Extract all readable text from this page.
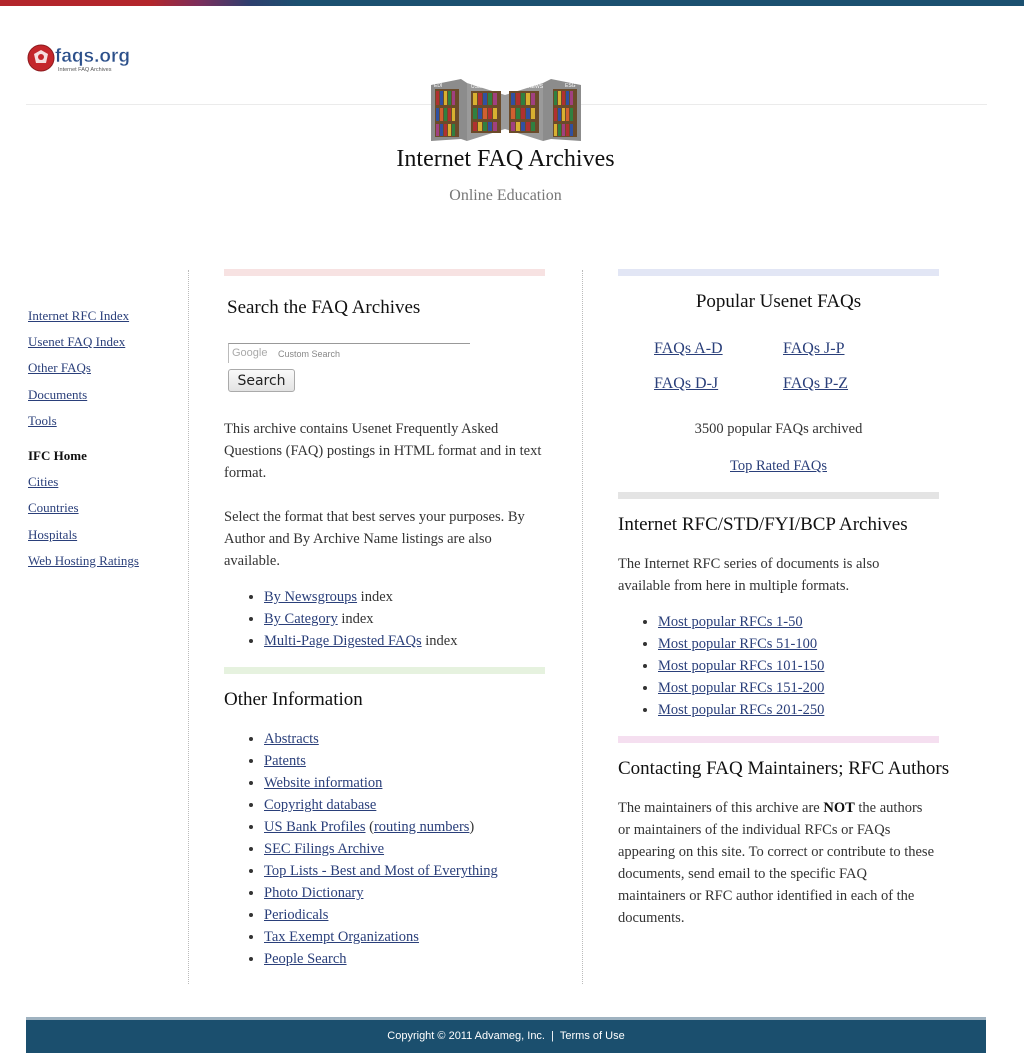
faqs.org
Internet FAQ Archives
EDI	USENET	GOVNEWS	ESG
Internet FAQ Archives
Online Education
Internet RFC Index
Usenet FAQ Index
Other FAQs
Documents
Tools
IFC Home
Cities
Countries
Hospitals
Web Hosting Ratings
Search the FAQ Archives
Google Custom Search
Search

This archive contains Usenet Frequently Asked Questions (FAQ) postings in HTML format and in text format.

Select the format that best serves your purposes. By Author and By Archive Name listings are also available.

• By Newsgroups index
• By Category index
• Multi-Page Digested FAQs index
Other Information
• Abstracts
• Patents
• Website information
• Copyright database
• US Bank Profiles (routing numbers)
• SEC Filings Archive
• Top Lists - Best and Most of Everything
• Photo Dictionary
• Periodicals
• Tax Exempt Organizations
• People Search
Popular Usenet FAQs
FAQs A-D	FAQs J-P
FAQs D-J	FAQs P-Z
3500 popular FAQs archived
Top Rated FAQs
Internet RFC/STD/FYI/BCP Archives

The Internet RFC series of documents is also available from here in multiple formats.

• Most popular RFCs 1-50
• Most popular RFCs 51-100
• Most popular RFCs 101-150
• Most popular RFCs 151-200
• Most popular RFCs 201-250
Contacting FAQ Maintainers; RFC Authors

The maintainers of this archive are NOT the authors or maintainers of the individual RFCs or FAQs appearing on this site. To correct or contribute to these documents, send email to the specific FAQ maintainers or RFC author identified in each of the documents.

Copyright © 2011 Advameg, Inc. | Terms of Use
